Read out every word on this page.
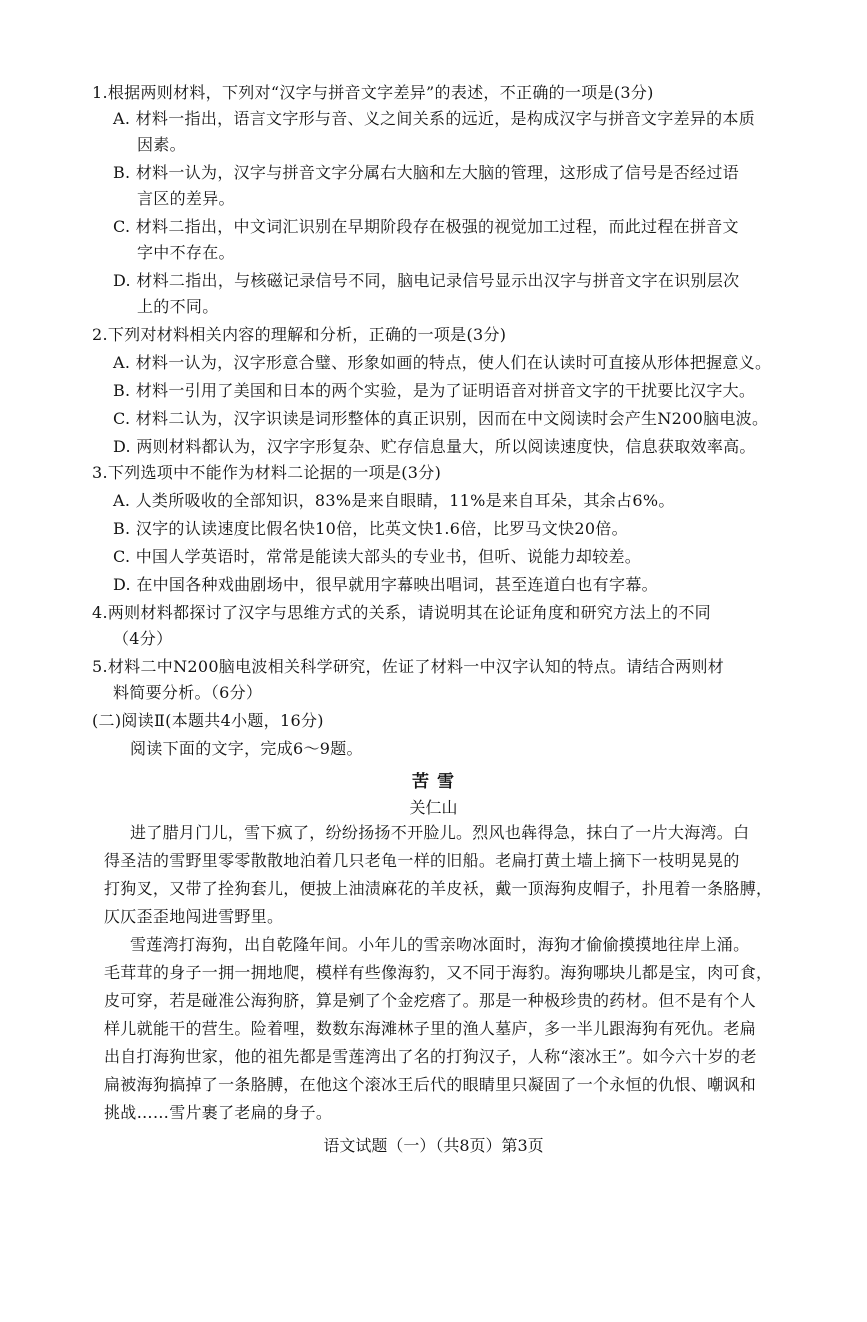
1.根据两则材料，下列对“汉字与拼音文字差异”的表述，不正确的一项是(3分)
A. 材料一指出，语言文字形与音、义之间关系的远近，是构成汉字与拼音文字差异的本质
因素。
B. 材料一认为，汉字与拼音文字分属右大脑和左大脑的管理，这形成了信号是否经过语
言区的差异。
C. 材料二指出，中文词汇识别在早期阶段存在极强的视觉加工过程，而此过程在拼音文
字中不存在。
D. 材料二指出，与核磁记录信号不同，脑电记录信号显示出汉字与拼音文字在识别层次
上的不同。
2.下列对材料相关内容的理解和分析，正确的一项是(3分)
A. 材料一认为，汉字形意合璧、形象如画的特点，使人们在认读时可直接从形体把握意义。
B. 材料一引用了美国和日本的两个实验，是为了证明语音对拼音文字的干扰要比汉字大。
C. 材料二认为，汉字识读是词形整体的真正识别，因而在中文阅读时会产生N200脑电波。
D. 两则材料都认为，汉字字形复杂、贮存信息量大，所以阅读速度快，信息获取效率高。
3.下列选项中不能作为材料二论据的一项是(3分)
A. 人类所吸收的全部知识，83%是来自眼睛，11%是来自耳朵，其余占6%。
B. 汉字的认读速度比假名快10倍，比英文快1.6倍，比罗马文快20倍。
C. 中国人学英语时，常常是能读大部头的专业书，但听、说能力却较差。
D. 在中国各种戏曲剧场中，很早就用字幕映出唱词，甚至连道白也有字幕。
4.两则材料都探讨了汉字与思维方式的关系，请说明其在论证角度和研究方法上的不同
（4分）
5.材料二中N200脑电波相关科学研究，佐证了材料一中汉字认知的特点。请结合两则材
料简要分析。（6分）
(二)阅读Ⅱ(本题共4小题，16分)
阅读下面的文字，完成6～9题。
苦 雪
关仁山
进了腊月门儿，雪下疯了，纷纷扬扬不开脸儿。烈风也犇得急，抹白了一片大海湾。白
得圣洁的雪野里零零散散地泊着几只老龟一样的旧船。老扁打黄土墙上摘下一枝明晃晃的
打狗叉，又带了拴狗套儿，便披上油渍麻花的羊皮袄，戴一顶海狗皮帽子，扑甩着一条胳膊，
仄仄歪歪地闯进雪野里。
雪莲湾打海狗，出自乾隆年间。小年儿的雪亲吻冰面时，海狗才偷偷摸摸地往岸上涌。
毛茸茸的身子一拥一拥地爬，模样有些像海豹，又不同于海豹。海狗哪块儿都是宝，肉可食，
皮可穿，若是碰准公海狗脐，算是剜了个金疙瘩了。那是一种极珍贵的药材。但不是有个人
样儿就能干的营生。险着哩，数数东海滩林子里的渔人墓庐，多一半儿跟海狗有死仇。老扁
出自打海狗世家，他的祖先都是雪莲湾出了名的打狗汉子，人称“滚冰王”。如今六十岁的老
扁被海狗搞掉了一条胳膊，在他这个滚冰王后代的眼睛里只凝固了一个永恒的仇恨、嘲讽和
挑战……雪片裹了老扁的身子。
语文试题（一）（共8页）第3页
